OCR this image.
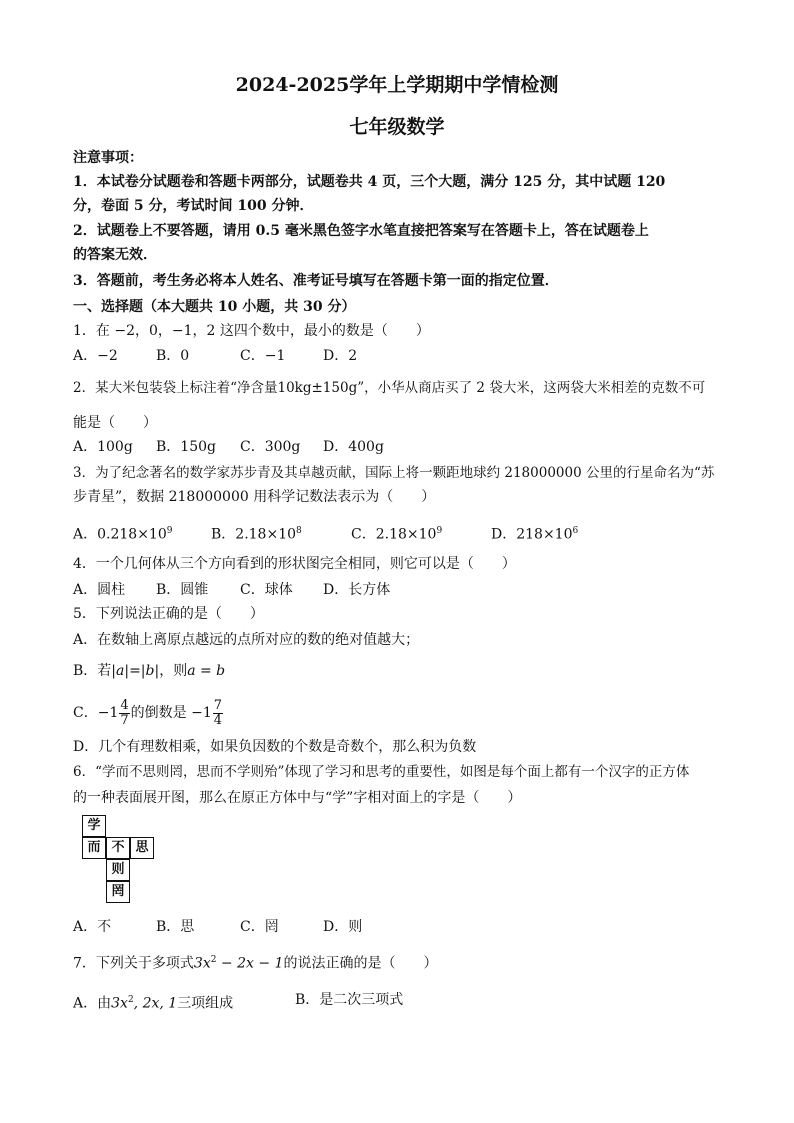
2024-2025学年上学期期中学情检测
七年级数学
注意事项：
1．本试卷分试题卷和答题卡两部分，试题卷共 4 页，三个大题，满分 125 分，其中试题 120
分，卷面 5 分，考试时间 100 分钟．
2．试题卷上不要答题，请用 0.5 毫米黑色签字水笔直接把答案写在答题卡上，答在试题卷上
的答案无效．
3．答题前，考生务必将本人姓名、准考证号填写在答题卡第一面的指定位置．
一、选择题（本大题共 10 小题，共 30 分）
1．在 −2，0，−1，2 这四个数中，最小的数是（　　）
A．−2	B．0	C．−1	D．2
2．某大米包装袋上标注着“净含量10kg±150g”，小华从商店买了 2 袋大米，这两袋大米相差的克数不可
能是（　　）
A．100g B．150g C．300g D．400g
3．为了纪念著名的数学家苏步青及其卓越贡献，国际上将一颗距地球约 218000000 公里的行星命名为“苏
步青星”，数据 218000000 用科学记数法表示为（　　）
A．$0.218\times 10^9$	B．$2.18\times 10^8$	C．$2.18\times 10^9$	D．$218\times 10^6$
4．一个几何体从三个方向看到的形状图完全相同，则它可以是（　　）
A．圆柱 B．圆锥 C．球体 D．长方体
5．下列说法正确的是（　　）
A．在数轴上离原点越远的点所对应的数的绝对值越大；
B．若|a|=|b|，则a = b
C．$-1 \frac{4}{7}$ 的倒数是 $-1 \frac{7}{4}$
D．几个有理数相乘，如果负因数的个数是奇数个，那么积为负数
6．“学而不思则罔，思而不学则殆”体现了学习和思考的重要性，如图是每个面上都有一个汉字的正方体
的一种表面展开图，那么在原正方体中与“学”字相对面上的字是（　　）
学
而 不 思
则
罔
A．不	B．思	C．罔	D．则
7．下列关于多项式$3x^2 - 2x - 1$的说法正确的是（　　）
A．由$3x^2$, 2x, 1三项组成	B．是二次三项式
